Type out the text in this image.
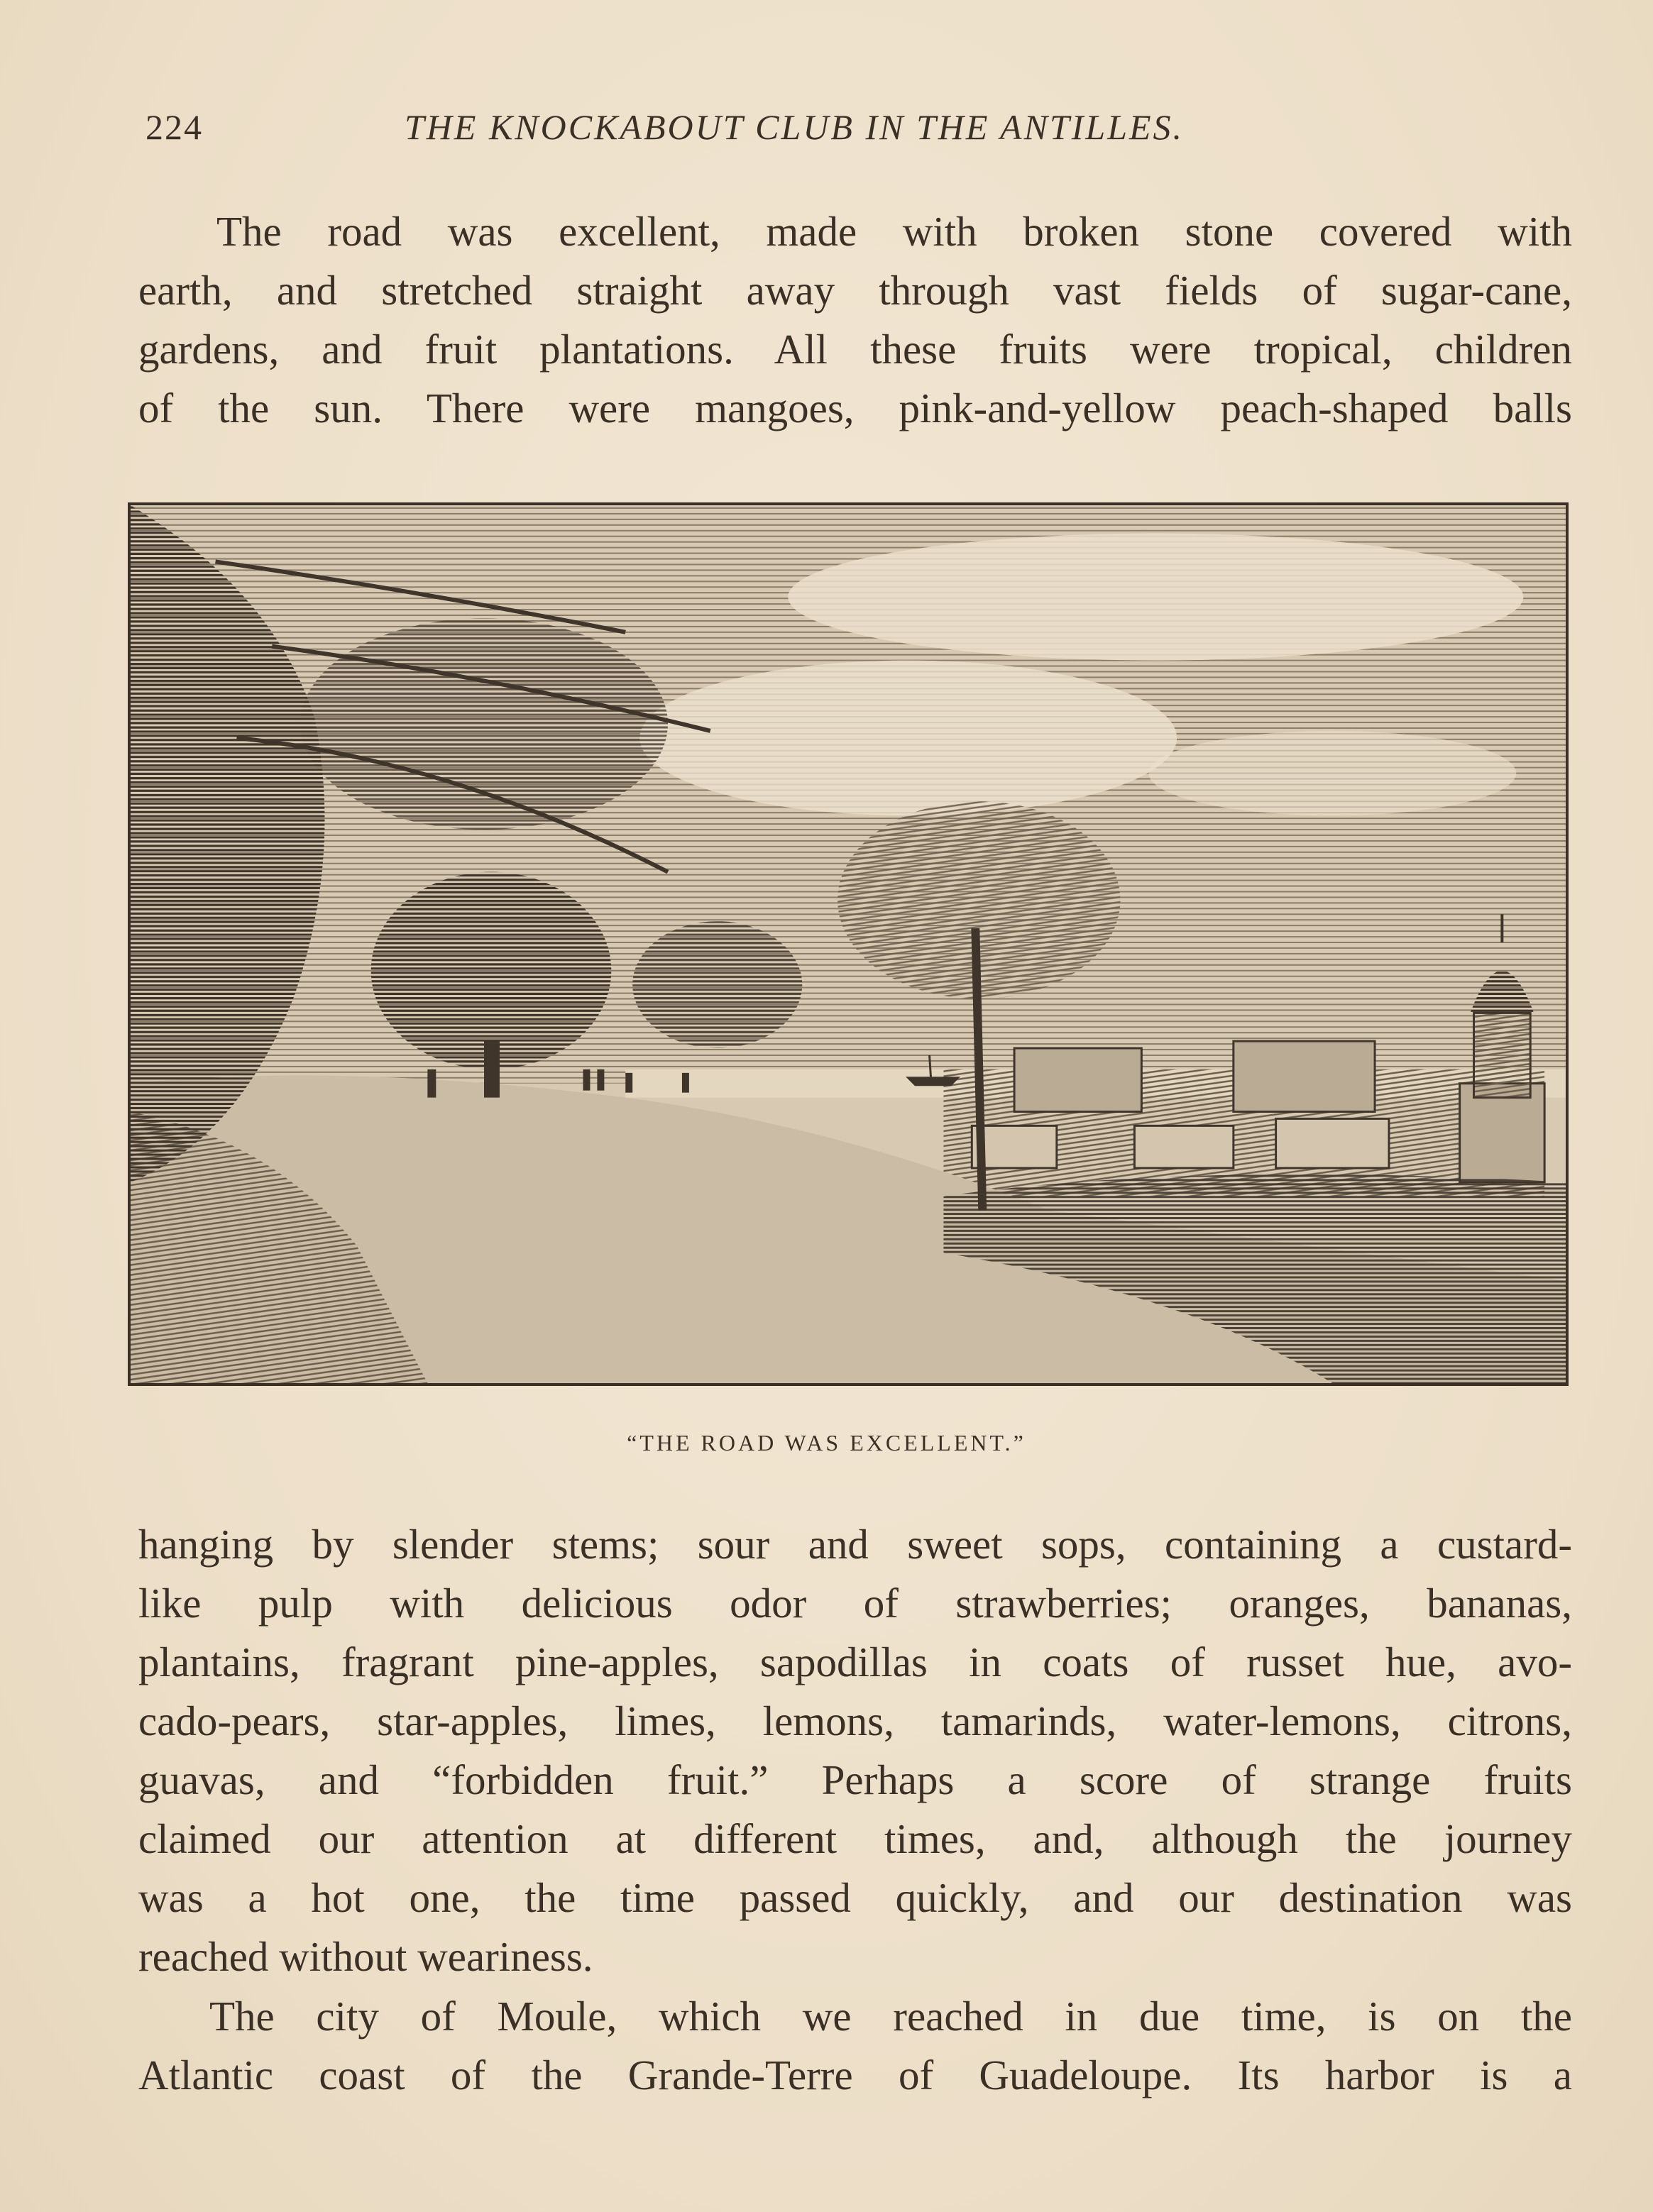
224	THE KNOCKABOUT CLUB IN THE ANTILLES.
The road was excellent, made with broken stone covered with
earth, and stretched straight away through vast fields of sugar-cane,
gardens, and fruit plantations. All these fruits were tropical, children
of the sun. There were mangoes, pink-and-yellow peach-shaped balls
“THE ROAD WAS EXCELLENT.”
hanging by slender stems; sour and sweet sops, containing a custard-
like pulp with delicious odor of strawberries; oranges, bananas,
plantains, fragrant pine-apples, sapodillas in coats of russet hue, avo-
cado-pears, star-apples, limes, lemons, tamarinds, water-lemons, citrons,
guavas, and “forbidden fruit.” Perhaps a score of strange fruits
claimed our attention at different times, and, although the journey
was a hot one, the time passed quickly, and our destination was
reached without weariness.
The city of Moule, which we reached in due time, is on the
Atlantic coast of the Grande-Terre of Guadeloupe. Its harbor is a
